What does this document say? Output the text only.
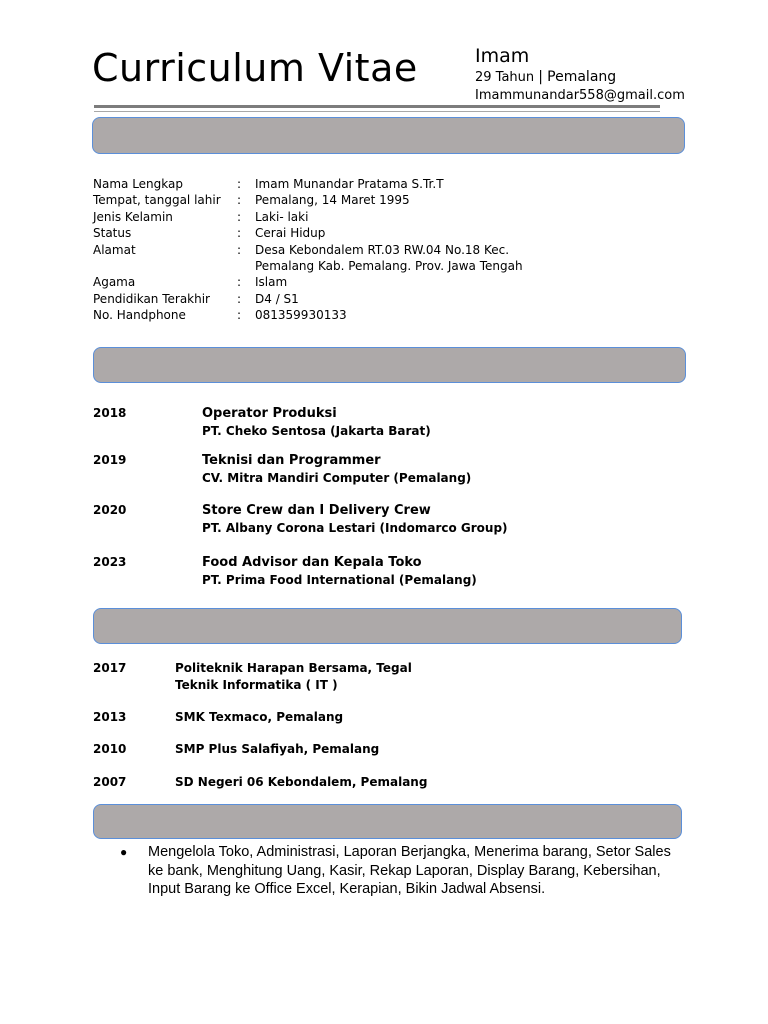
Curriculum Vitae	Imam
29 Tahun | Pemalang
Imammunandar558@gmail.com
Nama Lengkap	:	Imam Munandar Pratama S.Tr.T
Tempat, tanggal lahir	:	Pemalang, 14 Maret 1995
Jenis Kelamin	:	Laki- laki
Status	:	Cerai Hidup
Alamat	:	Desa Kebondalem RT.03 RW.04 No.18 Kec. Pemalang Kab. Pemalang. Prov. Jawa Tengah
Agama	:	Islam
Pendidikan Terakhir	:	D4 / S1
No. Handphone	:	081359930133
2018	Operator Produksi
PT. Cheko Sentosa (Jakarta Barat)
2019	Teknisi dan Programmer
CV. Mitra Mandiri Computer (Pemalang)
2020	Store Crew dan I Delivery Crew
PT. Albany Corona Lestari (Indomarco Group)
2023	Food Advisor dan Kepala Toko
PT. Prima Food International (Pemalang)
2017	Politeknik Harapan Bersama, Tegal
Teknik Informatika ( IT )
2013	SMK Texmaco, Pemalang
2010	SMP Plus Salafiyah, Pemalang
2007	SD Negeri 06 Kebondalem, Pemalang
● Mengelola Toko, Administrasi, Laporan Berjangka, Menerima barang, Setor Sales ke bank, Menghitung Uang, Kasir, Rekap Laporan, Display Barang, Kebersihan, Input Barang ke Office Excel, Kerapian, Bikin Jadwal Absensi.
